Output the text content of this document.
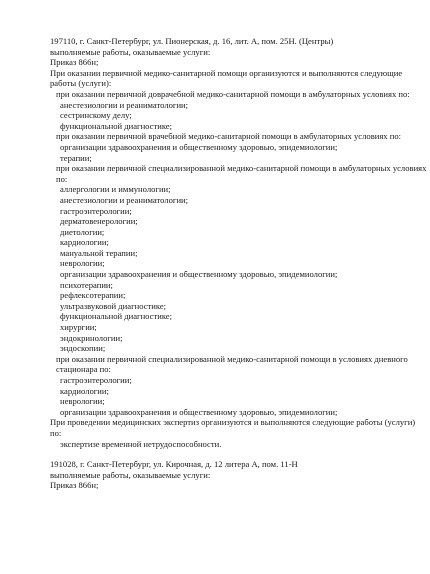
197110, г. Санкт-Петербург, ул. Пионерская, д. 16, лит. А, пом. 25Н. (Центры)
выполняемые работы, оказываемые услуги:
Приказ 866н;
При оказании первичной медико-санитарной помощи организуются и выполняются следующие работы (услуги):
при оказании первичной доврачебной медико-санитарной помощи в амбулаторных условиях по:
анестезиологии и реаниматологии;
сестринскому делу;
функциональной диагностике;
при оказании первичной врачебной медико-санитарной помощи в амбулаторных условиях по:
организации здравоохранения и общественному здоровью, эпидемиологии;
терапии;
при оказании первичной специализированной медико-санитарной помощи в амбулаторных условиях по:
аллергологии и иммунологии;
анестезиологии и реаниматологии;
гастроэнтерологии;
дерматовенерологии;
диетологии;
кардиологии;
мануальной терапии;
неврологии;
организации здравоохранения и общественному здоровью, эпидемиологии;
психотерапии;
рефлексотерапии;
ультразвуковой диагностике;
функциональной диагностике;
хирургии;
эндокринологии;
эндоскопии;
при оказании первичной специализированной медико-санитарной помощи в условиях дневного стационара по:
гастроэнтерологии;
кардиологии;
неврологии;
организации здравоохранения и общественному здоровью, эпидемиологии;
При проведении медицинских экспертиз организуются и выполняются следующие работы (услуги) по:
экспертизе временной нетрудоспособности.
191028, г. Санкт-Петербург, ул. Кирочная, д. 12 литера А, пом. 11-Н
выполняемые работы, оказываемые услуги:
Приказ 866н;
